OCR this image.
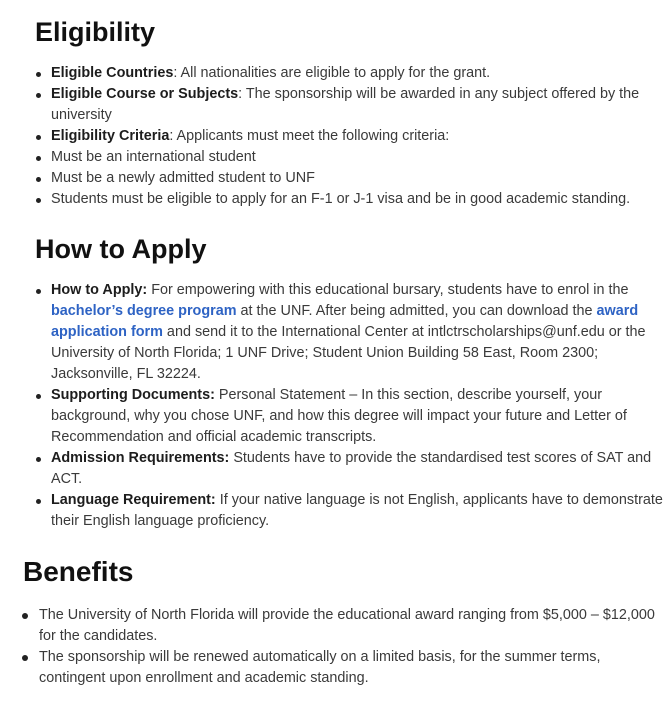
Eligibility
Eligible Countries: All nationalities are eligible to apply for the grant.
Eligible Course or Subjects: The sponsorship will be awarded in any subject offered by the university
Eligibility Criteria: Applicants must meet the following criteria:
Must be an international student
Must be a newly admitted student to UNF
Students must be eligible to apply for an F-1 or J-1 visa and be in good academic standing.
How to Apply
How to Apply: For empowering with this educational bursary, students have to enrol in the bachelor’s degree program at the UNF. After being admitted, you can download the award application form and send it to the International Center at intlctrscholarships@unf.edu or the University of North Florida; 1 UNF Drive; Student Union Building 58 East, Room 2300; Jacksonville, FL 32224.
Supporting Documents: Personal Statement – In this section, describe yourself, your background, why you chose UNF, and how this degree will impact your future and Letter of Recommendation and official academic transcripts.
Admission Requirements: Students have to provide the standardised test scores of SAT and ACT.
Language Requirement: If your native language is not English, applicants have to demonstrate their English language proficiency.
Benefits
The University of North Florida will provide the educational award ranging from $5,000 – $12,000 for the candidates.
The sponsorship will be renewed automatically on a limited basis, for the summer terms, contingent upon enrollment and academic standing.
